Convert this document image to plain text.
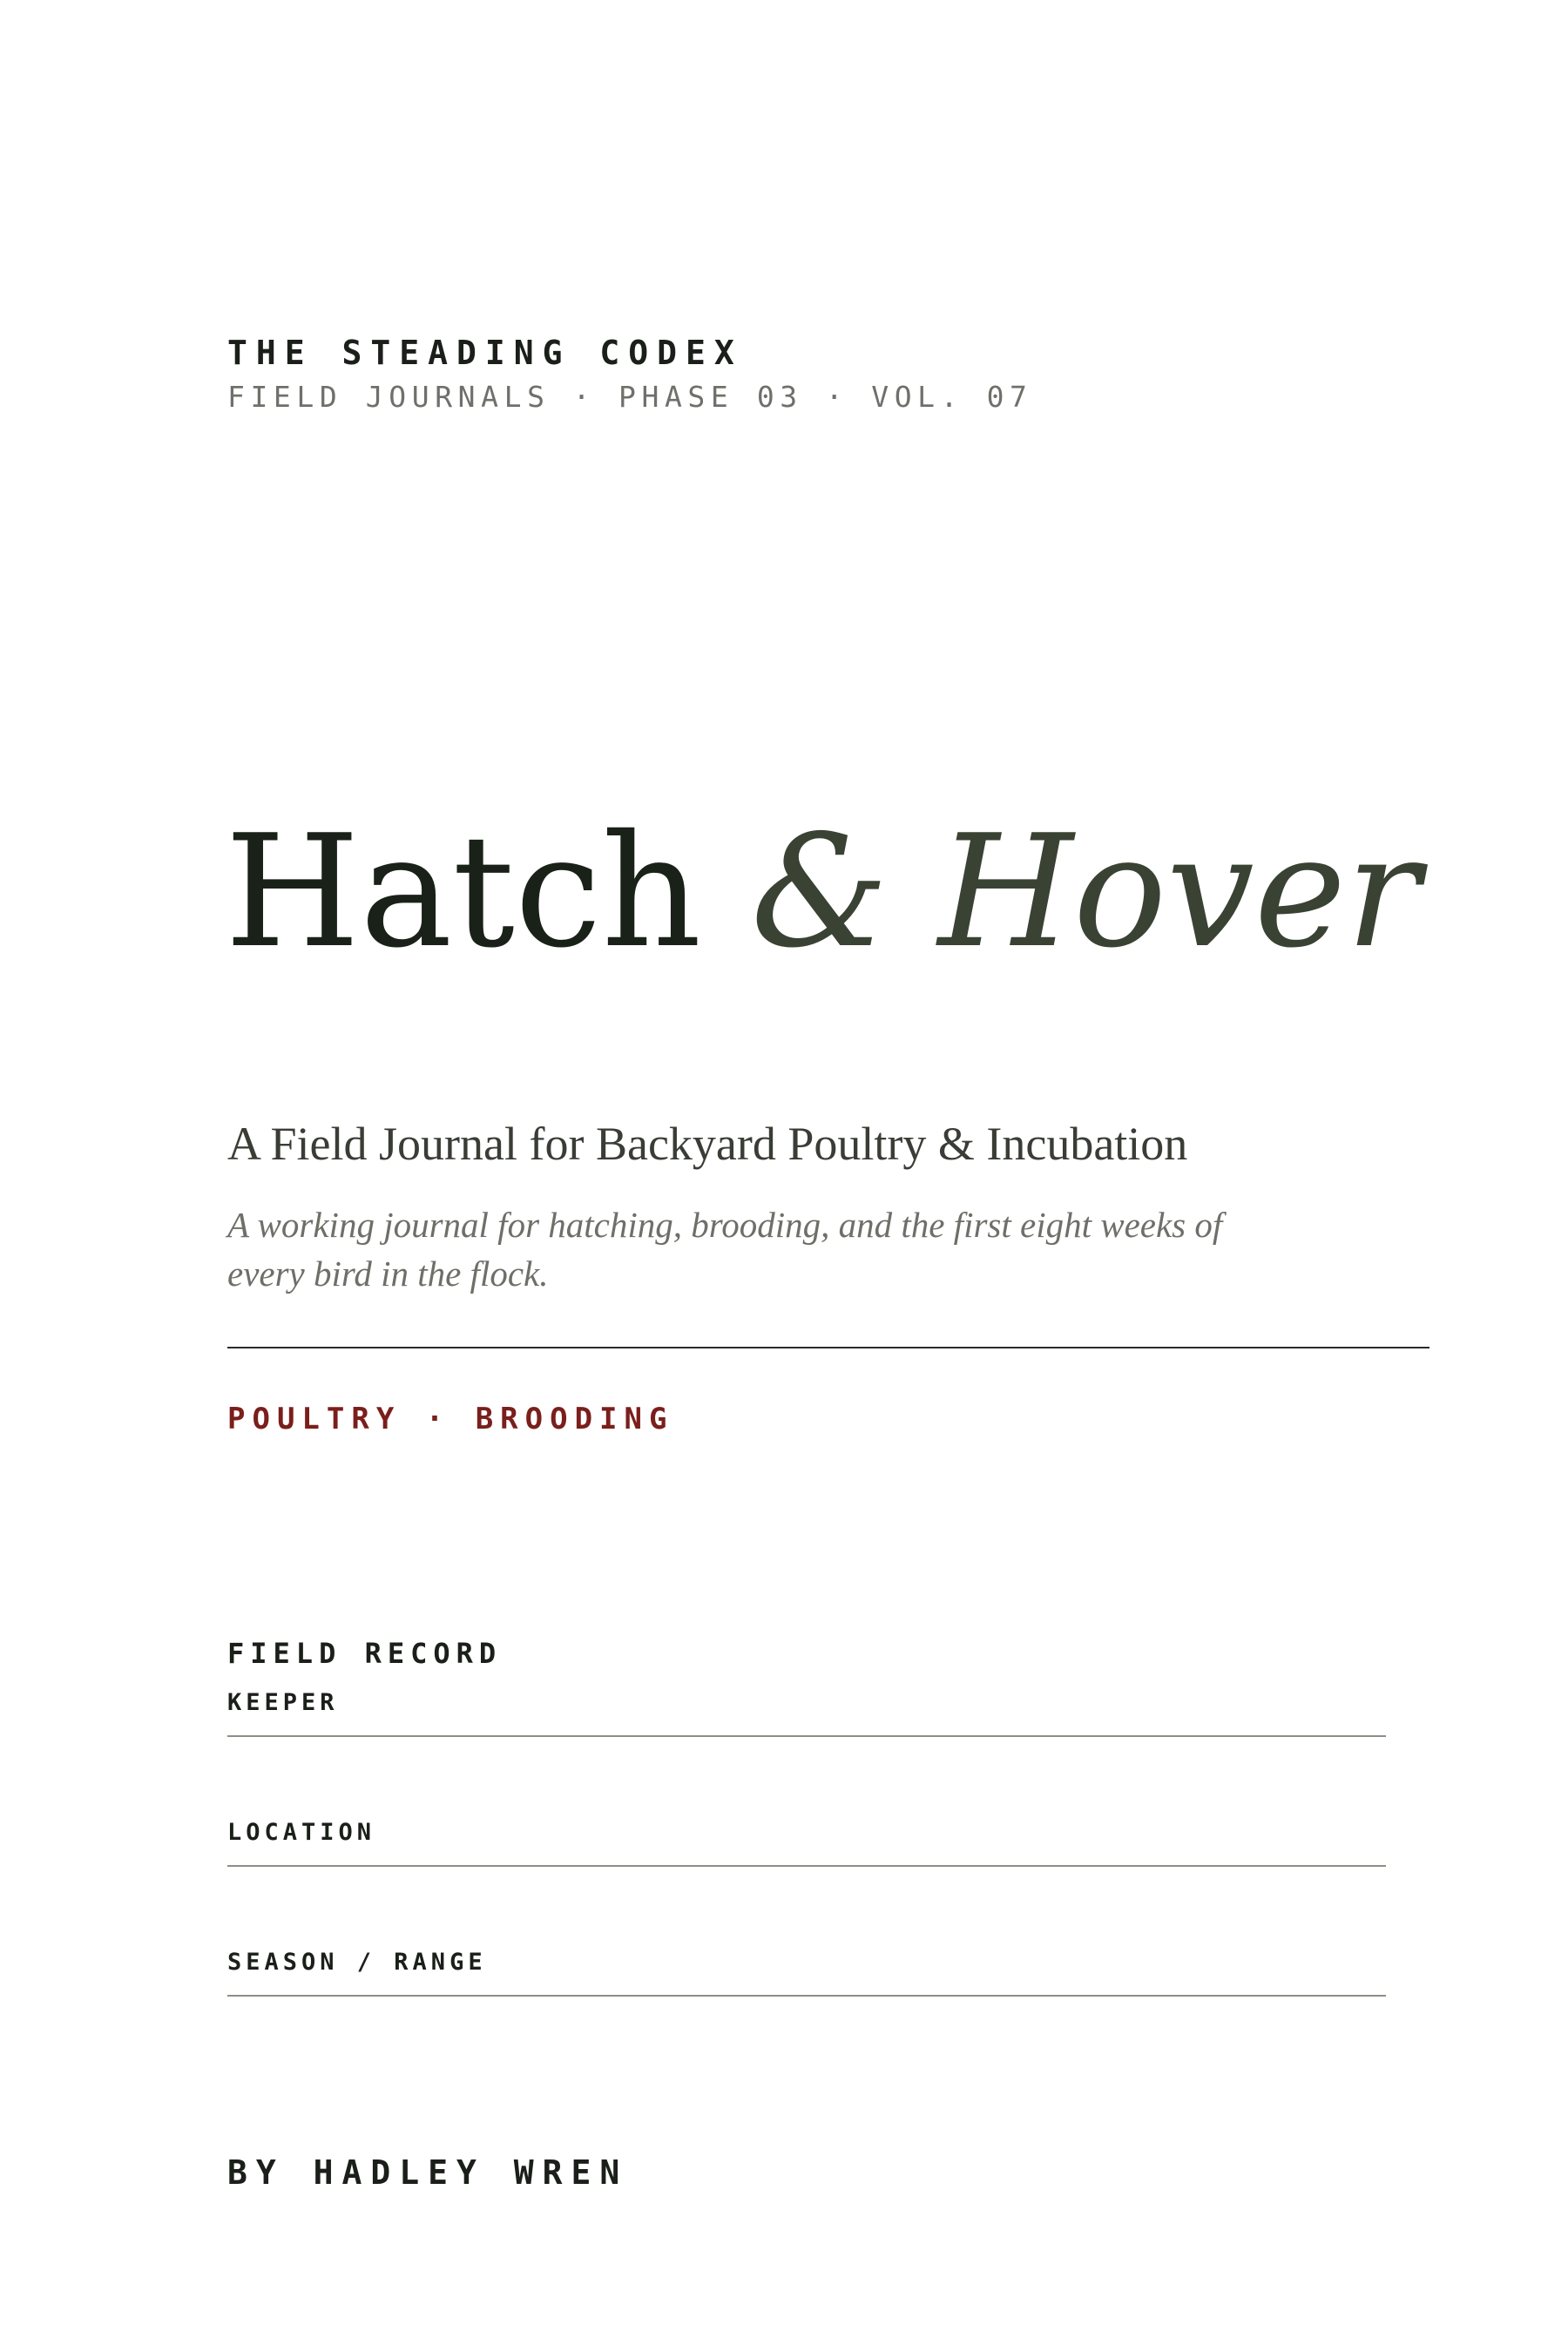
THE STEADING CODEX
FIELD JOURNALS · PHASE 03 · VOL. 07
Hatch & Hover
A Field Journal for Backyard Poultry & Incubation
A working journal for hatching, brooding, and the first eight weeks of every bird in the flock.
POULTRY · BROODING
FIELD RECORD
KEEPER
LOCATION
SEASON / RANGE
BY HADLEY WREN
